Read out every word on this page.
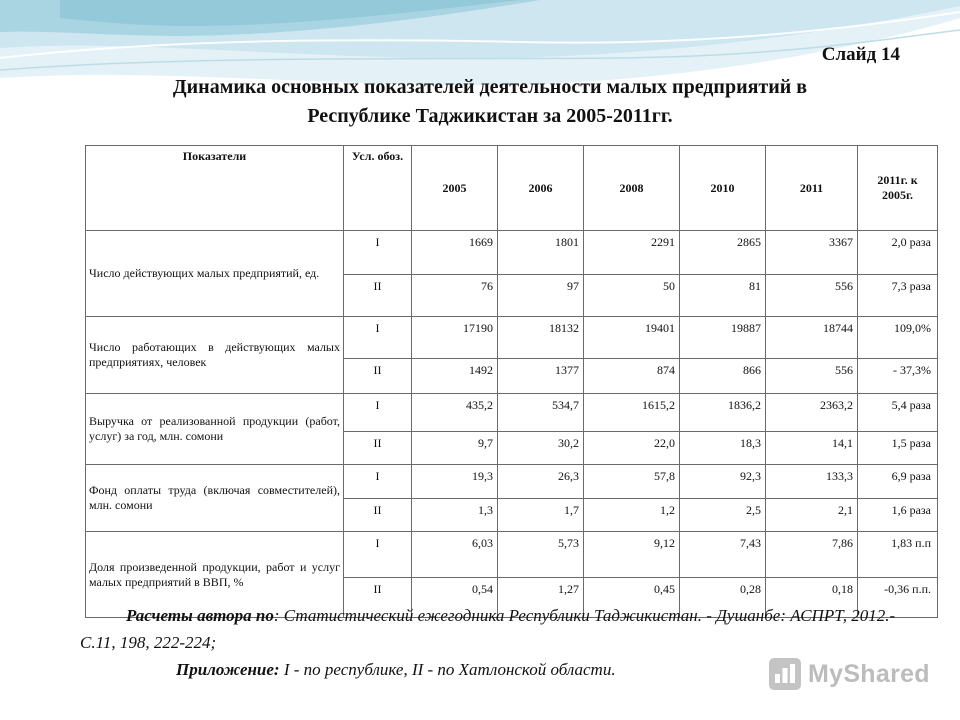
Слайд 14
Динамика основных показателей деятельности малых предприятий в
Республике Таджикистан за 2005-2011гг.
Показатели	Усл. обоз.	2005	2006	2008	2010	2011	2011г. к 2005г.
Число действующих малых предприятий, ед.	I	1669	1801	2291	2865	3367	2,0 раза
	II	76	97	50	81	556	7,3 раза
Число работающих в действующих малых предприятиях, человек	I	17190	18132	19401	19887	18744	109,0%
	II	1492	1377	874	866	556	- 37,3%
Выручка от реализованной продукции (работ, услуг) за год, млн. сомони	I	435,2	534,7	1615,2	1836,2	2363,2	5,4 раза
	II	9,7	30,2	22,0	18,3	14,1	1,5 раза
Фонд оплаты труда (включая совместителей), млн. сомони	I	19,3	26,3	57,8	92,3	133,3	6,9 раза
	II	1,3	1,7	1,2	2,5	2,1	1,6 раза
Доля произведенной продукции, работ и услуг малых предприятий в ВВП, %	I	6,03	5,73	9,12	7,43	7,86	1,83 п.п
	II	0,54	1,27	0,45	0,28	0,18	-0,36 п.п.
Расчеты автора по: Статистический ежегодника Республики Таджикистан. - Душанбе: АСПРТ, 2012.-С.11, 198, 222-224;
Приложение: I - по республике, II - по Хатлонской области.	MyShared
